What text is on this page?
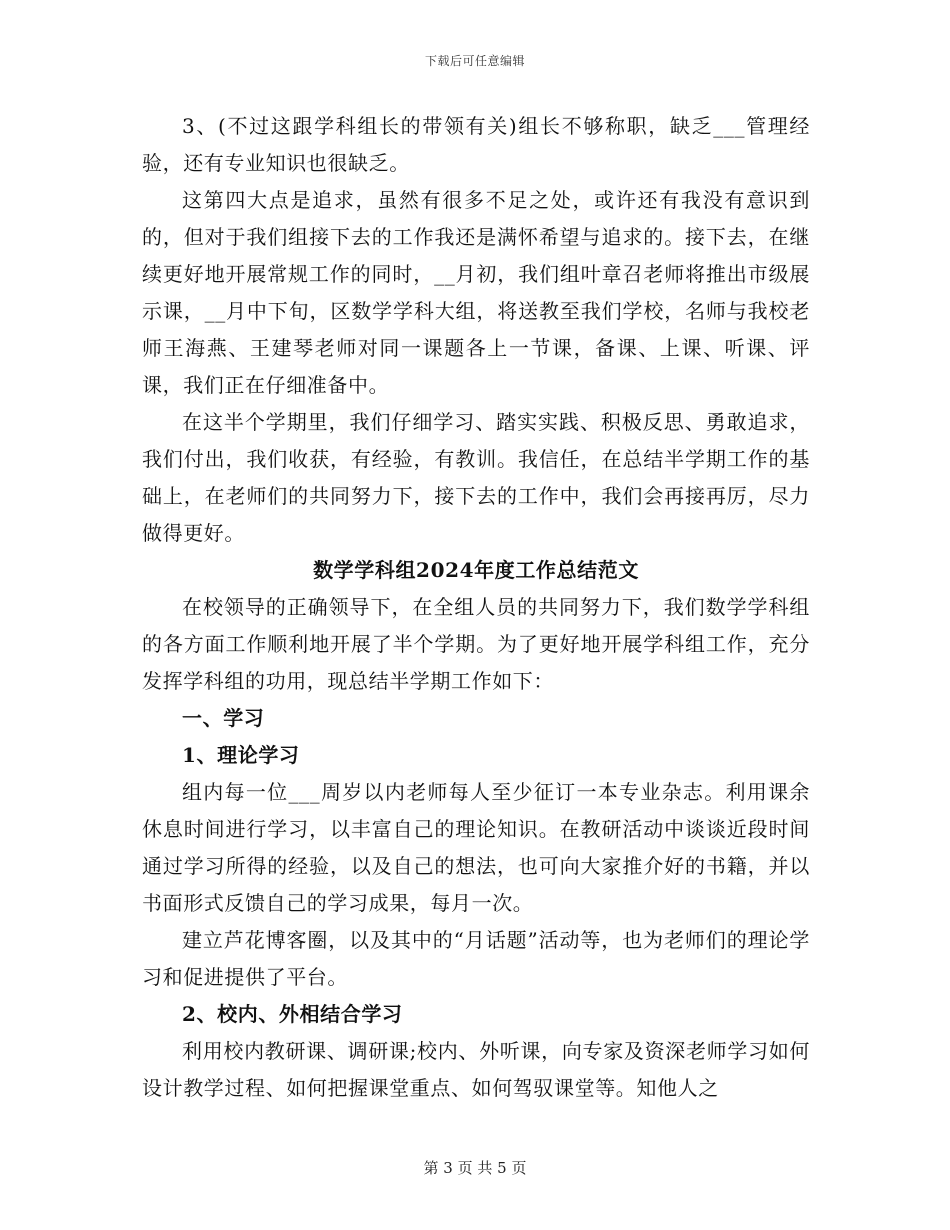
下载后可任意编辑

3、(不过这跟学科组长的带领有关)组长不够称职，缺乏___管理经验，还有专业知识也很缺乏。

这第四大点是追求，虽然有很多不足之处，或许还有我没有意识到的，但对于我们组接下去的工作我还是满怀希望与追求的。接下去，在继续更好地开展常规工作的同时，__月初，我们组叶章召老师将推出市级展示课，__月中下旬，区数学学科大组，将送教至我们学校，名师与我校老师王海燕、王建琴老师对同一课题各上一节课，备课、上课、听课、评课，我们正在仔细准备中。

在这半个学期里，我们仔细学习、踏实实践、积极反思、勇敢追求，我们付出，我们收获，有经验，有教训。我信任，在总结半学期工作的基础上，在老师们的共同努力下，接下去的工作中，我们会再接再厉，尽力做得更好。

数学学科组2024年度工作总结范文

在校领导的正确领导下，在全组人员的共同努力下，我们数学学科组的各方面工作顺利地开展了半个学期。为了更好地开展学科组工作，充分发挥学科组的功用，现总结半学期工作如下：

一、学习

1、理论学习

组内每一位___周岁以内老师每人至少征订一本专业杂志。利用课余休息时间进行学习，以丰富自己的理论知识。在教研活动中谈谈近段时间通过学习所得的经验，以及自己的想法，也可向大家推介好的书籍，并以书面形式反馈自己的学习成果，每月一次。

建立芦花博客圈，以及其中的“月话题”活动等，也为老师们的理论学习和促进提供了平台。

2、校内、外相结合学习

利用校内教研课、调研课;校内、外听课，向专家及资深老师学习如何设计教学过程、如何把握课堂重点、如何驾驭课堂等。知他人之

第 3 页 共 5 页
